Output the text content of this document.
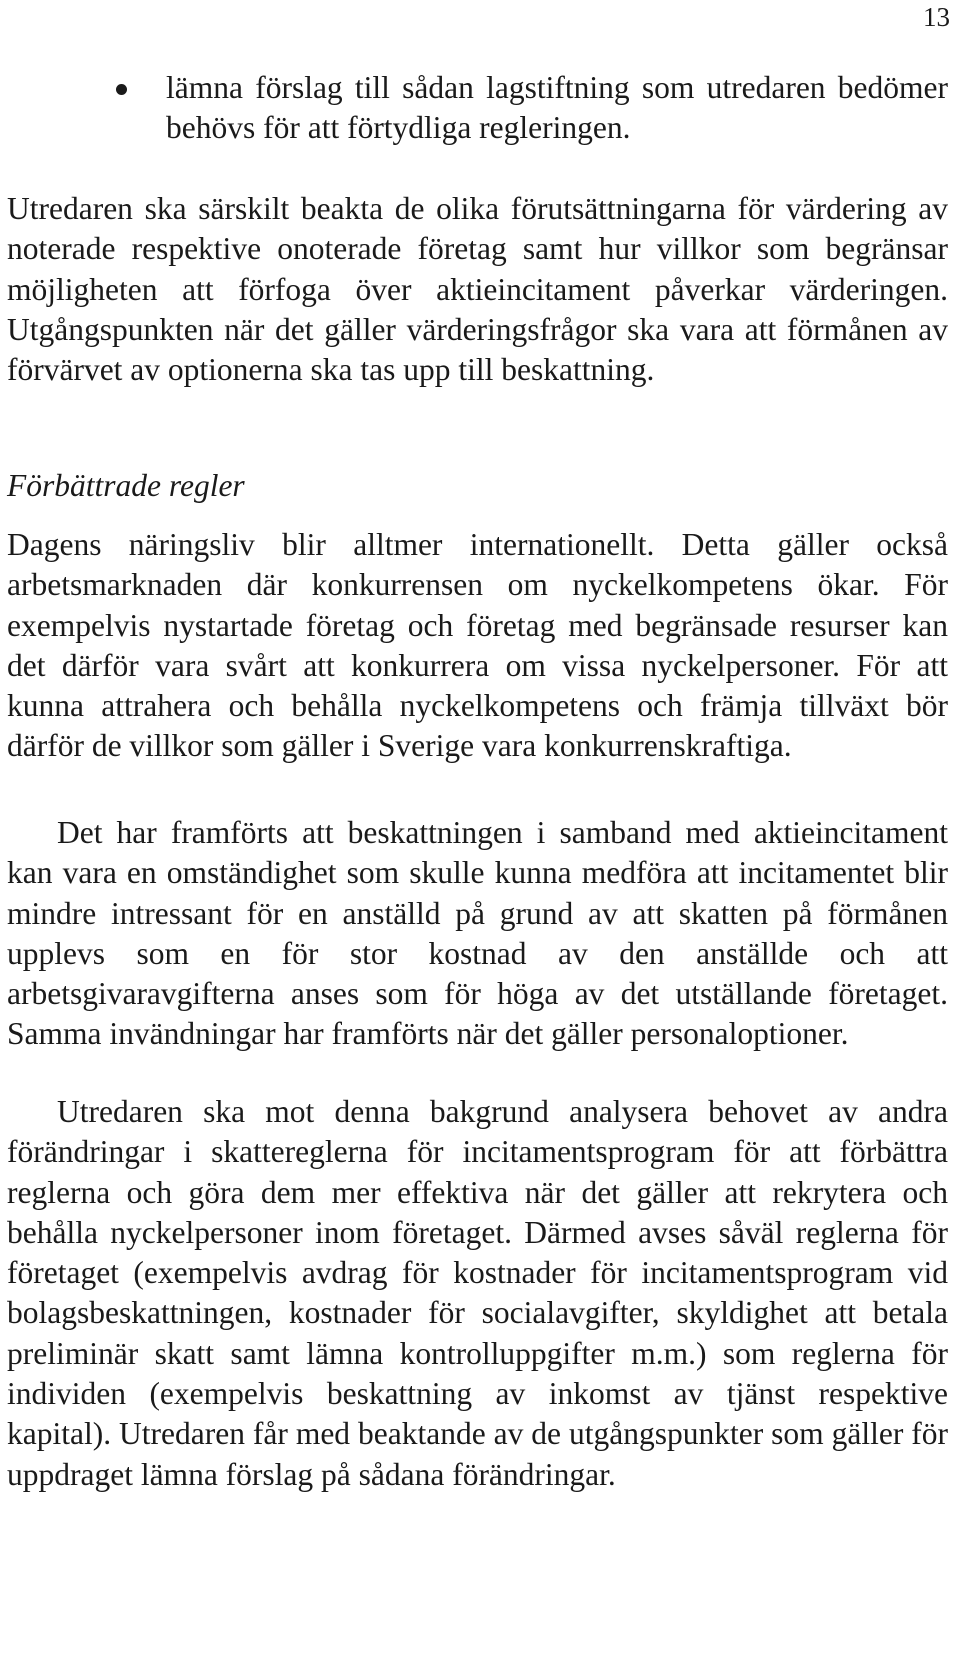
13
lämna förslag till sådan lagstiftning som utredaren bedömer behövs för att förtydliga regleringen.

Utredaren ska särskilt beakta de olika förutsättningarna för värdering av noterade respektive onoterade företag samt hur villkor som begränsar möjligheten att förfoga över aktieincitament påverkar värderingen. Utgångspunkten när det gäller värderingsfrågor ska vara att förmånen av förvärvet av optionerna ska tas upp till beskattning.

Förbättrade regler

Dagens näringsliv blir alltmer internationellt. Detta gäller också arbetsmarknaden där konkurrensen om nyckelkompetens ökar. För exempelvis nystartade företag och företag med begränsade resurser kan det därför vara svårt att konkurrera om vissa nyckelpersoner. För att kunna attrahera och behålla nyckelkompetens och främja tillväxt bör därför de villkor som gäller i Sverige vara konkurrenskraftiga.

Det har framförts att beskattningen i samband med aktieincitament kan vara en omständighet som skulle kunna medföra att incitamentet blir mindre intressant för en anställd på grund av att skatten på förmånen upplevs som en för stor kostnad av den anställde och att arbetsgivaravgifterna anses som för höga av det utställande företaget. Samma invändningar har framförts när det gäller personaloptioner.

Utredaren ska mot denna bakgrund analysera behovet av andra förändringar i skattereglerna för incitamentsprogram för att förbättra reglerna och göra dem mer effektiva när det gäller att rekrytera och behålla nyckelpersoner inom företaget. Därmed avses såväl reglerna för företaget (exempelvis avdrag för kostnader för incitamentsprogram vid bolagsbeskattningen, kostnader för socialavgifter, skyldighet att betala preliminär skatt samt lämna kontrolluppgifter m.m.) som reglerna för individen (exempelvis beskattning av inkomst av tjänst respektive kapital). Utredaren får med beaktande av de utgångspunkter som gäller för uppdraget lämna förslag på sådana förändringar.
